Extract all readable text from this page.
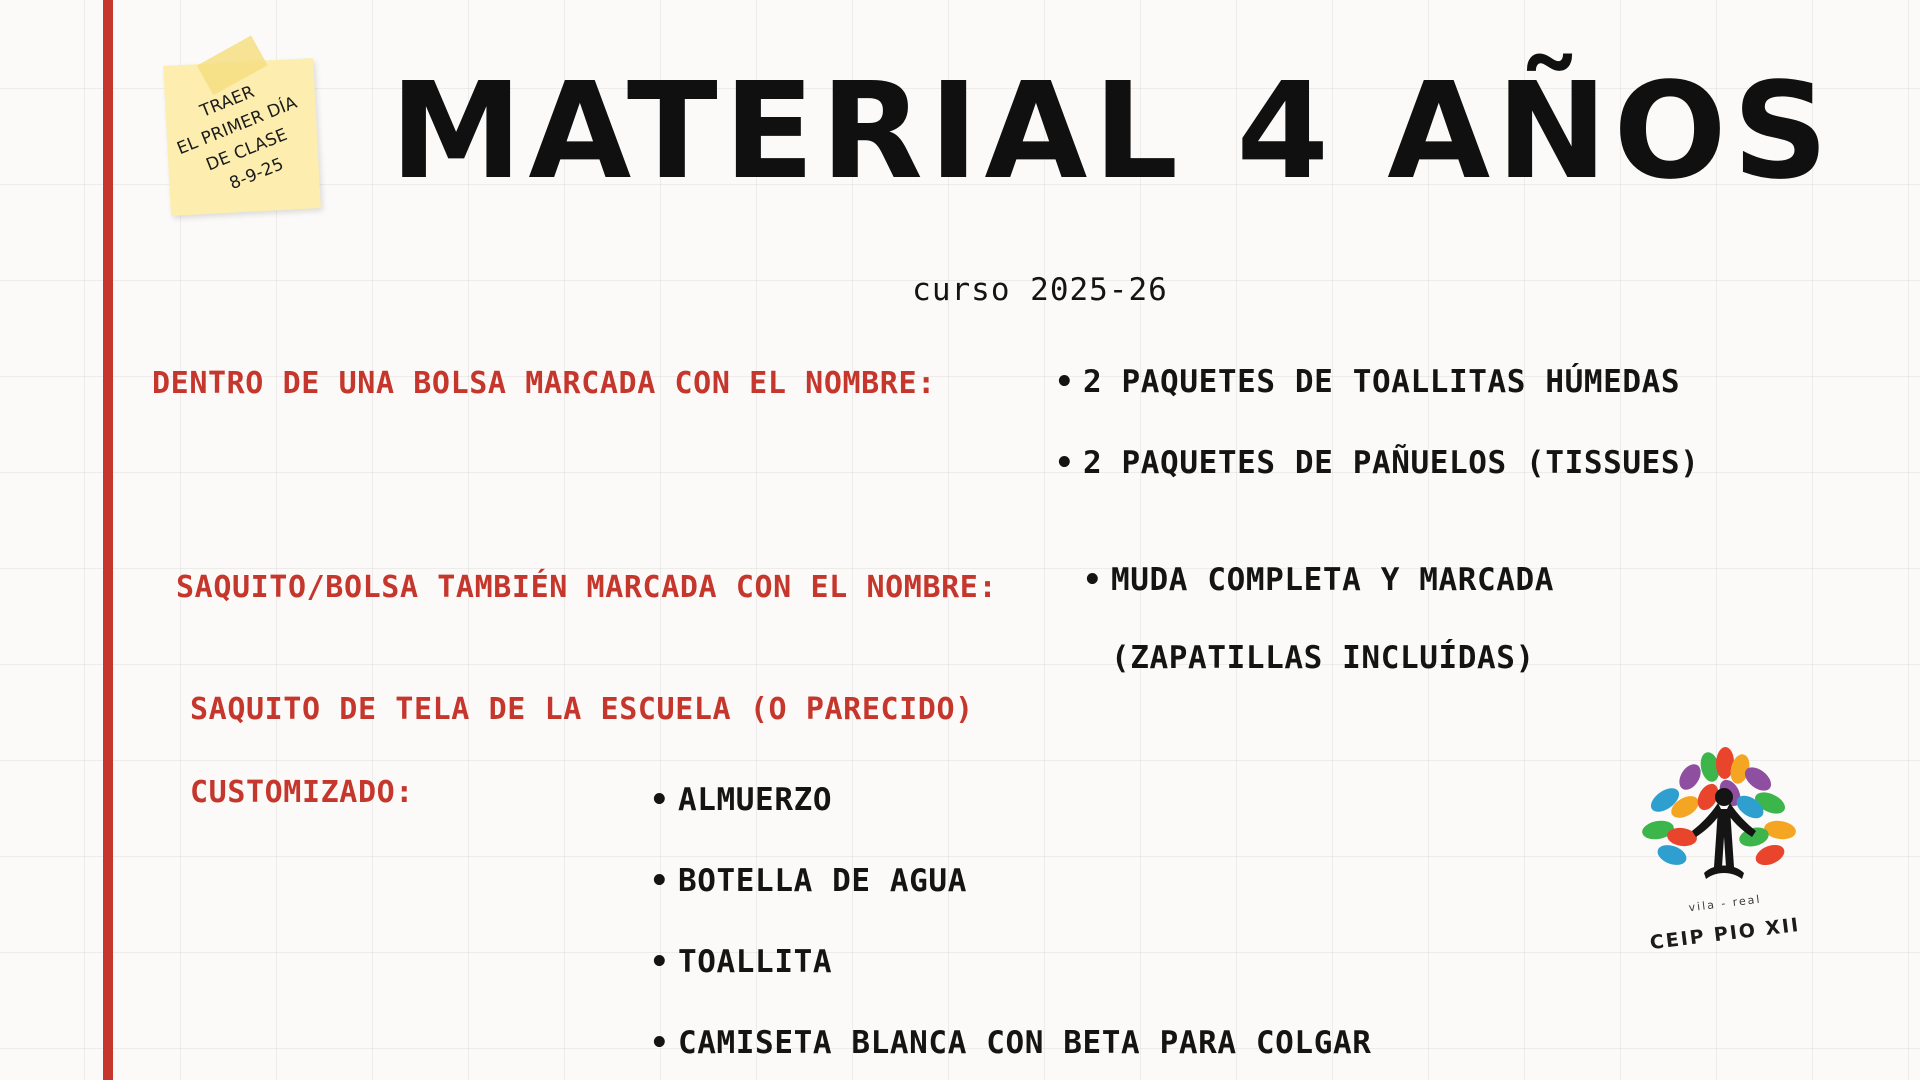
TRAER
EL PRIMER DÍA
DE CLASE
8-9-25 MATERIAL 4 AÑOS
curso 2025-26
DENTRO DE UNA BOLSA MARCADA CON EL NOMBRE:	• 2 PAQUETES DE TOALLITAS HÚMEDAS
• 2 PAQUETES DE PAÑUELOS (TISSUES)
SAQUITO/BOLSA TAMBIÉN MARCADA CON EL NOMBRE:	• MUDA COMPLETA Y MARCADA
(ZAPATILLAS INCLUÍDAS)
SAQUITO DE TELA DE LA ESCUELA (O PARECIDO)
CUSTOMIZADO:	• ALMUERZO
• BOTELLA DE AGUA
• TOALLITA
• CAMISETA BLANCA CON BETA PARA COLGAR
vila - real
CEIP PIO XII
